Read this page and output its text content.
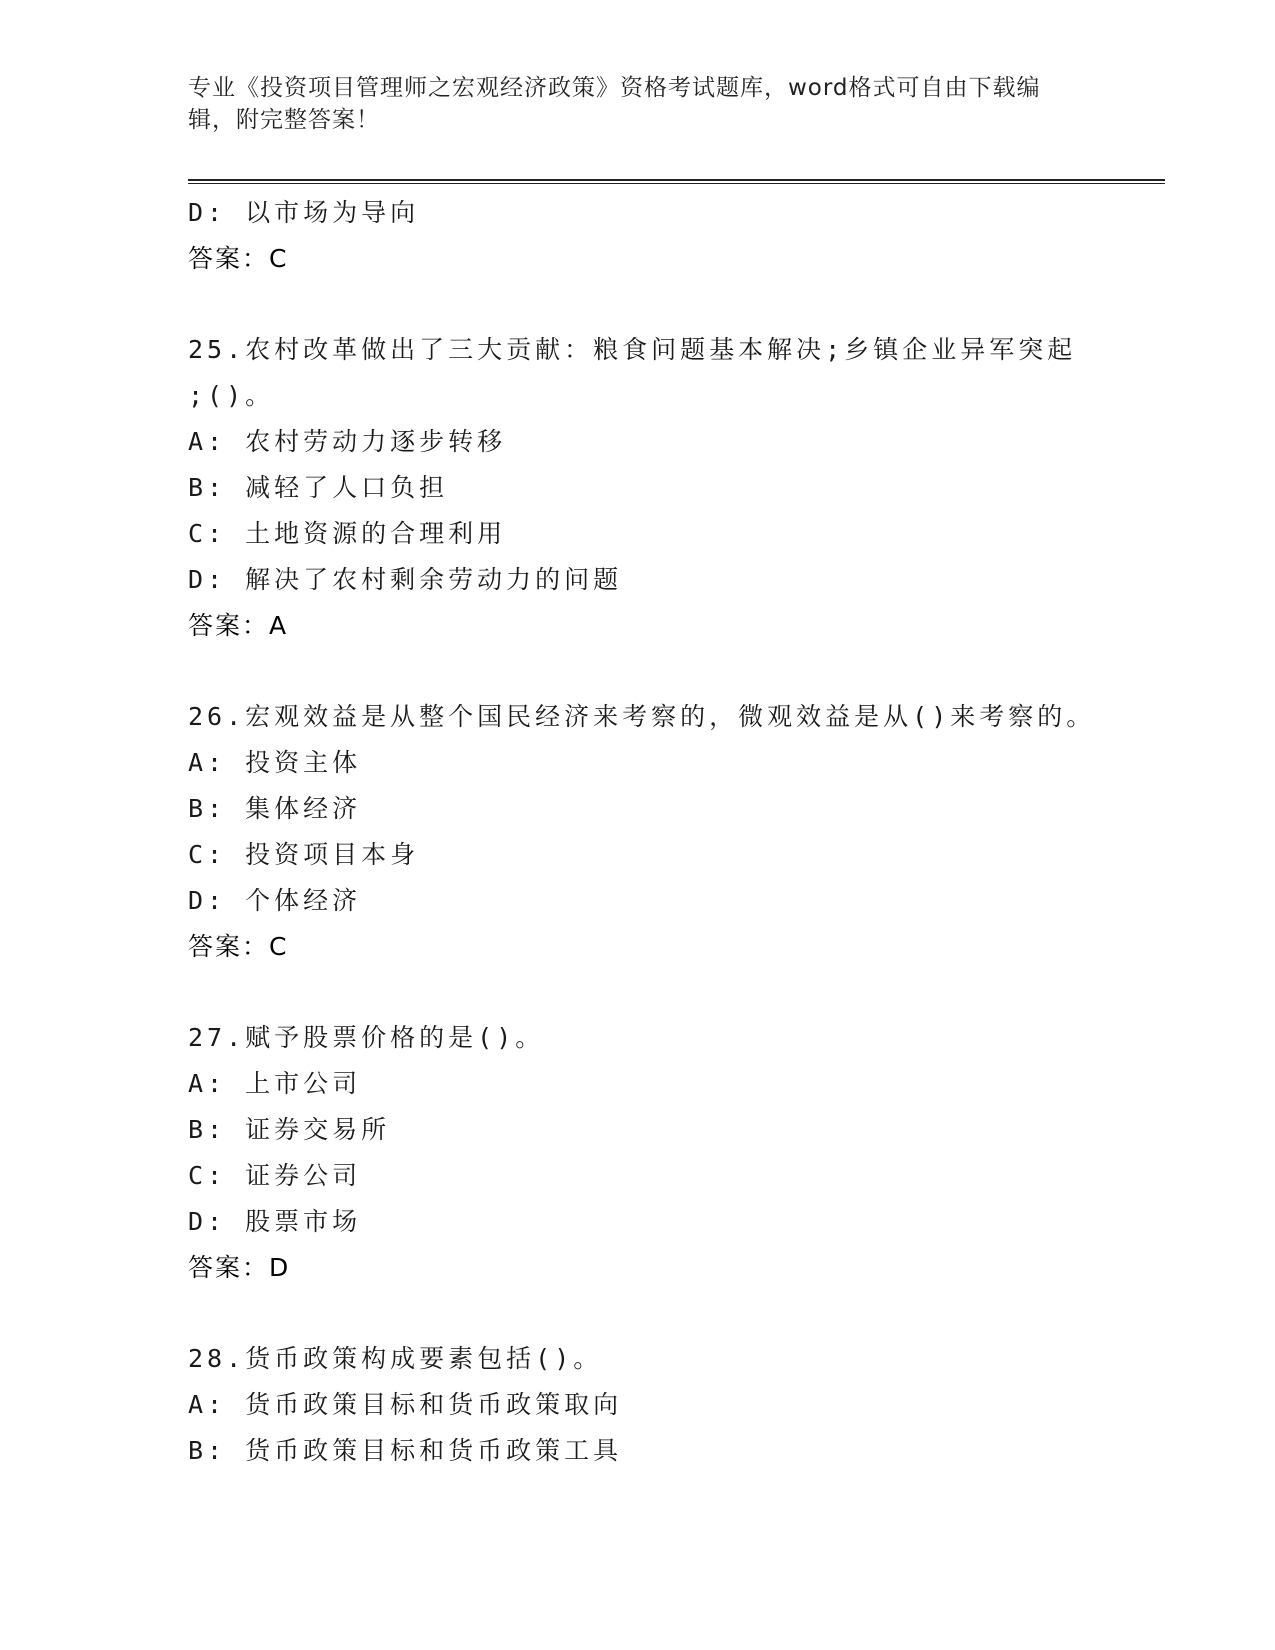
专业《投资项目管理师之宏观经济政策》资格考试题库，word格式可自由下载编
辑，附完整答案！
D: 以市场为导向
答案：C
25.农村改革做出了三大贡献：粮食问题基本解决;乡镇企业异军突起
;()。
A: 农村劳动力逐步转移
B: 减轻了人口负担
C: 土地资源的合理利用
D: 解决了农村剩余劳动力的问题
答案：A
26.宏观效益是从整个国民经济来考察的，微观效益是从()来考察的。
A: 投资主体
B: 集体经济
C: 投资项目本身
D: 个体经济
答案：C
27.赋予股票价格的是()。
A: 上市公司
B: 证券交易所
C: 证券公司
D: 股票市场
答案：D
28.货币政策构成要素包括()。
A: 货币政策目标和货币政策取向
B: 货币政策目标和货币政策工具
